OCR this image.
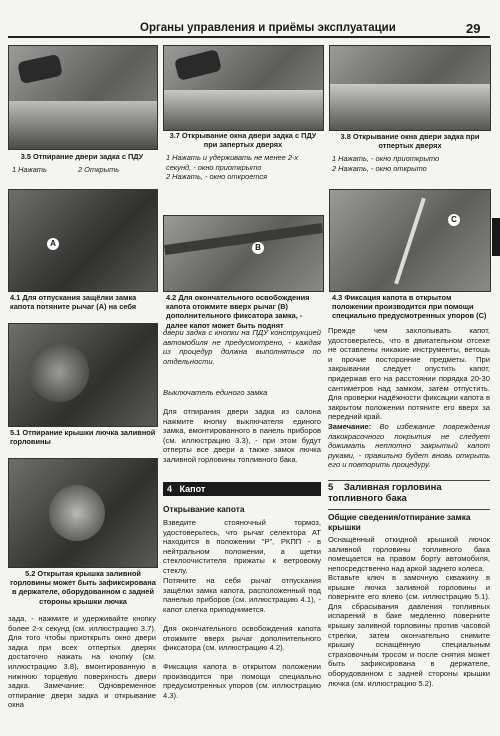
Органы управления и приёмы эксплуатации	29
3.5 Отпирание двери задка с ПДУ
1 Нажать	2 Открыть
3.7 Открывание окна двери задка с ПДУ при запертых дверях
1 Нажать и удерживать не менее 2-х секунд, - окно приоткрыто
2 Нажать, - окно откроется
3.8 Открывание окна двери задка при отпертых дверях
1 Нажать, - окно приоткрыто
2 Нажать, - окно открыто
A	B
C
4.1 Для отпускания защёлки замка капота потяните рычаг (А) на себя
4.2 Для окончательного освобождения капота отожмите вверх рычаг (B) дополнительного фиксатора замка, - далее капот может быть поднят
4.3 Фиксация капота в открытом положении производится при помощи специально предусмотренных упоров (C)
5.1 Отпирание крышки лючка заливной горловины
5.2 Открытая крышка заливной горловины может быть зафиксирована в держателе, оборудованном с задней стороны крышки лючка
зада, - нажмите и удерживайте кнопку более 2-х секунд (см. иллюстрацию 3.7). Для того чтобы приоткрыть окно двери задка при всех отпертых дверях достаточно нажать на кнопку (см. иллюстрацию 3.8), вмонтированную в нижнюю торцевую поверхность двери задка. Замечание: Одновременное отпирание двери задка и открывание окна
двери задка с кнопки на ПДУ конструкцией автомобиля не предусмотрено, - каждая из процедур должна выполняться по отдельности.
Выключатель единого замка
Для отпирания двери задка из салона нажмите кнопку выключателя единого замка, вмонтированного в панель приборов (см. иллюстрацию 3.3), - при этом будут отперты все двери а также замок лючка заливной горловины топливного бака.
4 Капот
Открывание капота
Взведите стояночный тормоз, удостоверьтесь, что рычаг селектора АТ находится в положении "Р", РКПП - в нейтральном положении, а щетки стеклоочистителя прижаты к ветровому стеклу.
Потяните на себя рычаг отпускания защёлки замка капота, расположенный под панелью приборов (см. иллюстрацию 4.1), - капот слегка приподнимется.
Для окончательного освобождения капота отожмите вверх рычаг дополнительного фиксатора (см. иллюстрацию 4.2).
Фиксация капота в открытом положении производится при помощи специально предусмотренных упоров (см. иллюстрацию 4.3).
Прежде чем захлопывать капот, удостоверьтесь, что в двигательном отсеке не оставлены никакие инструменты, ветошь и прочие посторонние предметы. При закрывании следует опустить капот, придержав его на расстоянии порядка 20-30 сантиметров над замком, затем отпустить. Для проверки надёжности фиксации капота в закрытом положении потяните его вверх за передний край.
Замечание: Во избежание повреждения лакокрасочного покрытия не следует дожимать неплотно закрытый капот руками, - правильно будет вновь открыть его и повторить процедуру.
5 Заливная горловина топливного бака
Общие сведения/отпирание замка крышки
Оснащённый откидной крышкой лючок заливной горловины топливного бака помещается на правом борту автомобиля, непосредственно над аркой заднего колеса.
Вставьте ключ в замочную скважину в крышке лючка заливной горловины и поверните его влево (см. иллюстрацию 5.1). Для сбрасывания давления топливных испарений в баке медленно поверните крышку заливной горловины против часовой стрелки, затем окончательно снимите крышку оснащённую специальным страховочным тросом и после снятия может быть зафиксирована в держателе, оборудованном с задней стороны крышки лючка (см. иллюстрацию 5.2).
